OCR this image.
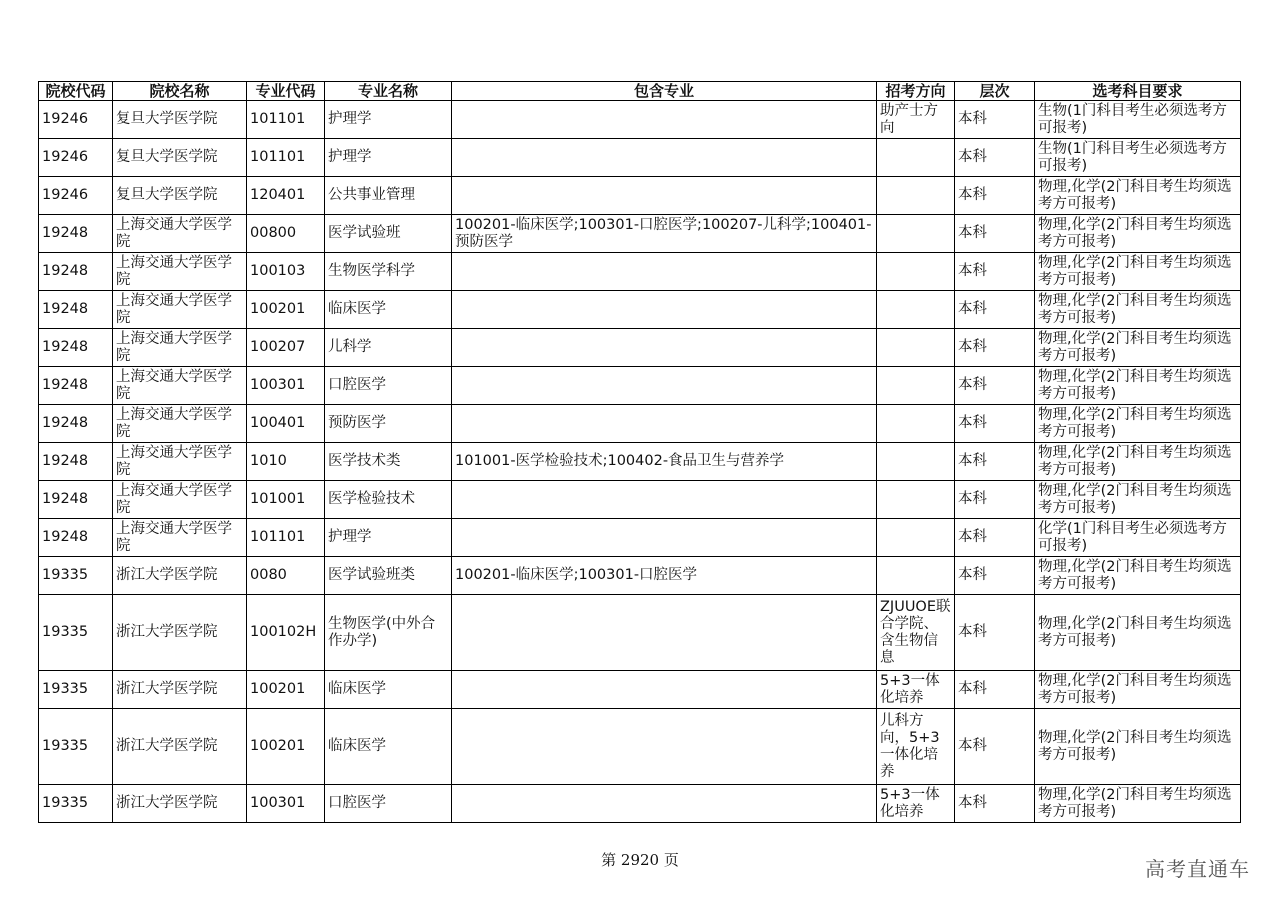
院校代码	院校名称	专业代码	专业名称	包含专业	招考方向	层次	选考科目要求
19246	复旦大学医学院	101101	护理学		助产士方向	本科	生物(1门科目考生必须选考方可报考)
19246	复旦大学医学院	101101	护理学			本科	生物(1门科目考生必须选考方可报考)
19246	复旦大学医学院	120401	公共事业管理			本科	物理,化学(2门科目考生均须选考方可报考)
19248	上海交通大学医学院	00800	医学试验班	100201-临床医学;100301-口腔医学;100207-儿科学;100401-预防医学		本科	物理,化学(2门科目考生均须选考方可报考)
19248	上海交通大学医学院	100103	生物医学科学			本科	物理,化学(2门科目考生均须选考方可报考)
19248	上海交通大学医学院	100201	临床医学			本科	物理,化学(2门科目考生均须选考方可报考)
19248	上海交通大学医学院	100207	儿科学			本科	物理,化学(2门科目考生均须选考方可报考)
19248	上海交通大学医学院	100301	口腔医学			本科	物理,化学(2门科目考生均须选考方可报考)
19248	上海交通大学医学院	100401	预防医学			本科	物理,化学(2门科目考生均须选考方可报考)
19248	上海交通大学医学院	1010	医学技术类	101001-医学检验技术;100402-食品卫生与营养学		本科	物理,化学(2门科目考生均须选考方可报考)
19248	上海交通大学医学院	101001	医学检验技术			本科	物理,化学(2门科目考生均须选考方可报考)
19248	上海交通大学医学院	101101	护理学			本科	化学(1门科目考生必须选考方可报考)
19335	浙江大学医学院	0080	医学试验班类	100201-临床医学;100301-口腔医学		本科	物理,化学(2门科目考生均须选考方可报考)
19335	浙江大学医学院	100102H	生物医学(中外合作办学)		ZJUUOE联合学院、含生物信息	本科	物理,化学(2门科目考生均须选考方可报考)
19335	浙江大学医学院	100201	临床医学		5+3一体化培养	本科	物理,化学(2门科目考生均须选考方可报考)
19335	浙江大学医学院	100201	临床医学		儿科方向，5+3一体化培养	本科	物理,化学(2门科目考生均须选考方可报考)
19335	浙江大学医学院	100301	口腔医学		5+3一体化培养	本科	物理,化学(2门科目考生均须选考方可报考)
第 2920 页	高考直通车
